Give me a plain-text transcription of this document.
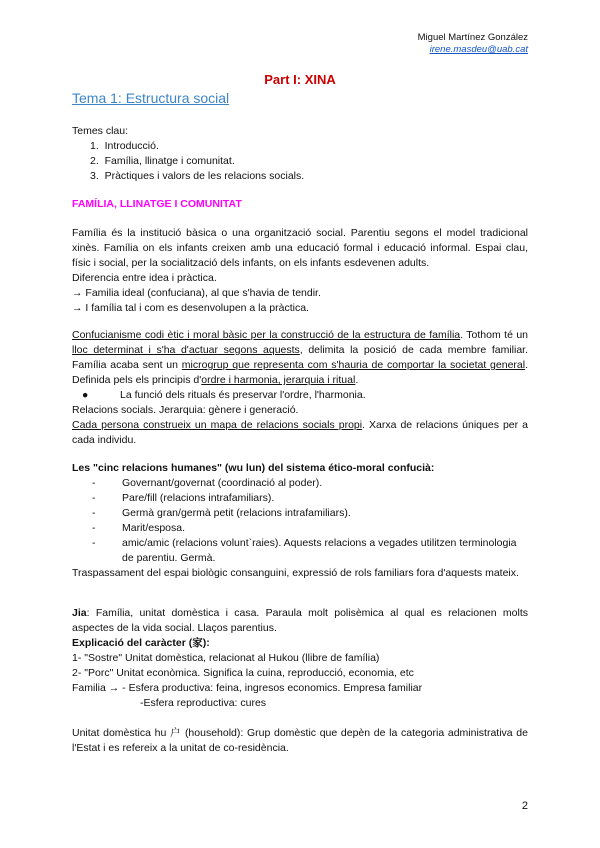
Miguel Martínez González
irene.masdeu@uab.cat
Part I: XINA
Tema 1: Estructura social

Temes clau:

1.  Introducció.
2.  Família, llinatge i comunitat.
3.  Pràctiques i valors de les relacions socials.
FAMÍLIA, LLINATGE I COMUNITAT

Família és la institució bàsica o una organització social. Parentiu segons el model tradicional xinès. Família on els infants creixen amb una educació formal i educació informal. Espai clau, físic i social, per la socialització dels infants, on els infants esdevenen adults.

Diferencia entre idea i pràctica.

→ Familia ideal (confuciana), al que s'havia de tendir.

→ I família tal i com es desenvolupen a la pràctica.

Confucianisme codi ètic i moral bàsic per la construcció de la estructura de família. Tothom té un lloc determinat i s'ha d'actuar segons aquests, delimita la posició de cada membre familiar. Família acaba sent un microgrup que representa com s'hauria de comportar la societat general. Definida pels els principis d'ordre i harmonia, jerarquia i ritual.

●	La funció dels rituals és preservar l'ordre, l'harmonia.

Relacions socials. Jerarquia: gènere i generació.

Cada persona construeix un mapa de relacions socials propi. Xarxa de relacions úniques per a cada individu.

Les "cinc relacions humanes" (wu lun) del sistema ético-moral confucià:

-	Governant/governat (coordinació al poder).
-	Pare/fill (relacions intrafamiliars).
-	Germà gran/germà petit (relacions intrafamiliars).
-	Marit/esposa.
-	amic/amic (relacions volunt`raies). Aquests relacions a vegades utilitzen terminologia de parentiu. Germà.

Traspassament del espai biològic consanguini, expressió de rols familiars fora d'aquests mateix.

Jia: Família, unitat domèstica i casa. Paraula molt polisèmica al qual es relacionen molts aspectes de la vida social. Llaços parentius.

Explicació del caràcter (家):

1- "Sostre" Unitat domèstica, relacionat al Hukou (llibre de família)

2- "Porc" Unitat econòmica. Significa la cuina, reproducció, economia, etc

Familia → - Esfera productiva: feina, ingresos economics. Empresa familiar

-Esfera reproductiva: cures

Unitat domèstica hu 户 (household): Grup domèstic que depèn de la categoria administrativa de l'Estat i es refereix a la unitat de co-residència.

2
